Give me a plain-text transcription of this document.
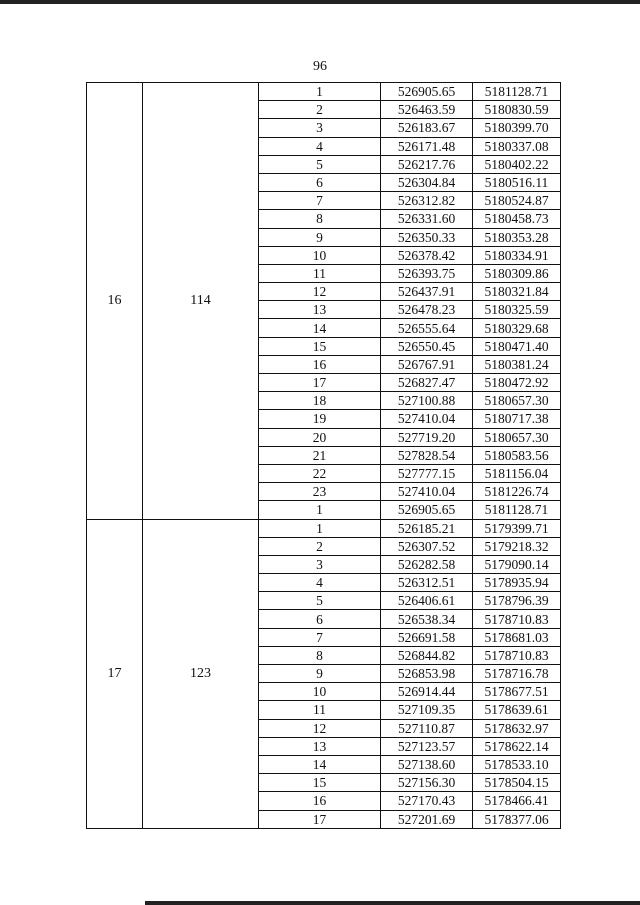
96
16	114	1	526905.65	5181128.71
		2	526463.59	5180830.59
		3	526183.67	5180399.70
		4	526171.48	5180337.08
		5	526217.76	5180402.22
		6	526304.84	5180516.11
		7	526312.82	5180524.87
		8	526331.60	5180458.73
		9	526350.33	5180353.28
		10	526378.42	5180334.91
		11	526393.75	5180309.86
		12	526437.91	5180321.84
		13	526478.23	5180325.59
		14	526555.64	5180329.68
		15	526550.45	5180471.40
		16	526767.91	5180381.24
		17	526827.47	5180472.92
		18	527100.88	5180657.30
		19	527410.04	5180717.38
		20	527719.20	5180657.30
		21	527828.54	5180583.56
		22	527777.15	5181156.04
		23	527410.04	5181226.74
		1	526905.65	5181128.71
17	123	1	526185.21	5179399.71
		2	526307.52	5179218.32
		3	526282.58	5179090.14
		4	526312.51	5178935.94
		5	526406.61	5178796.39
		6	526538.34	5178710.83
		7	526691.58	5178681.03
		8	526844.82	5178710.83
		9	526853.98	5178716.78
		10	526914.44	5178677.51
		11	527109.35	5178639.61
		12	527110.87	5178632.97
		13	527123.57	5178622.14
		14	527138.60	5178533.10
		15	527156.30	5178504.15
		16	527170.43	5178466.41
		17	527201.69	5178377.06
